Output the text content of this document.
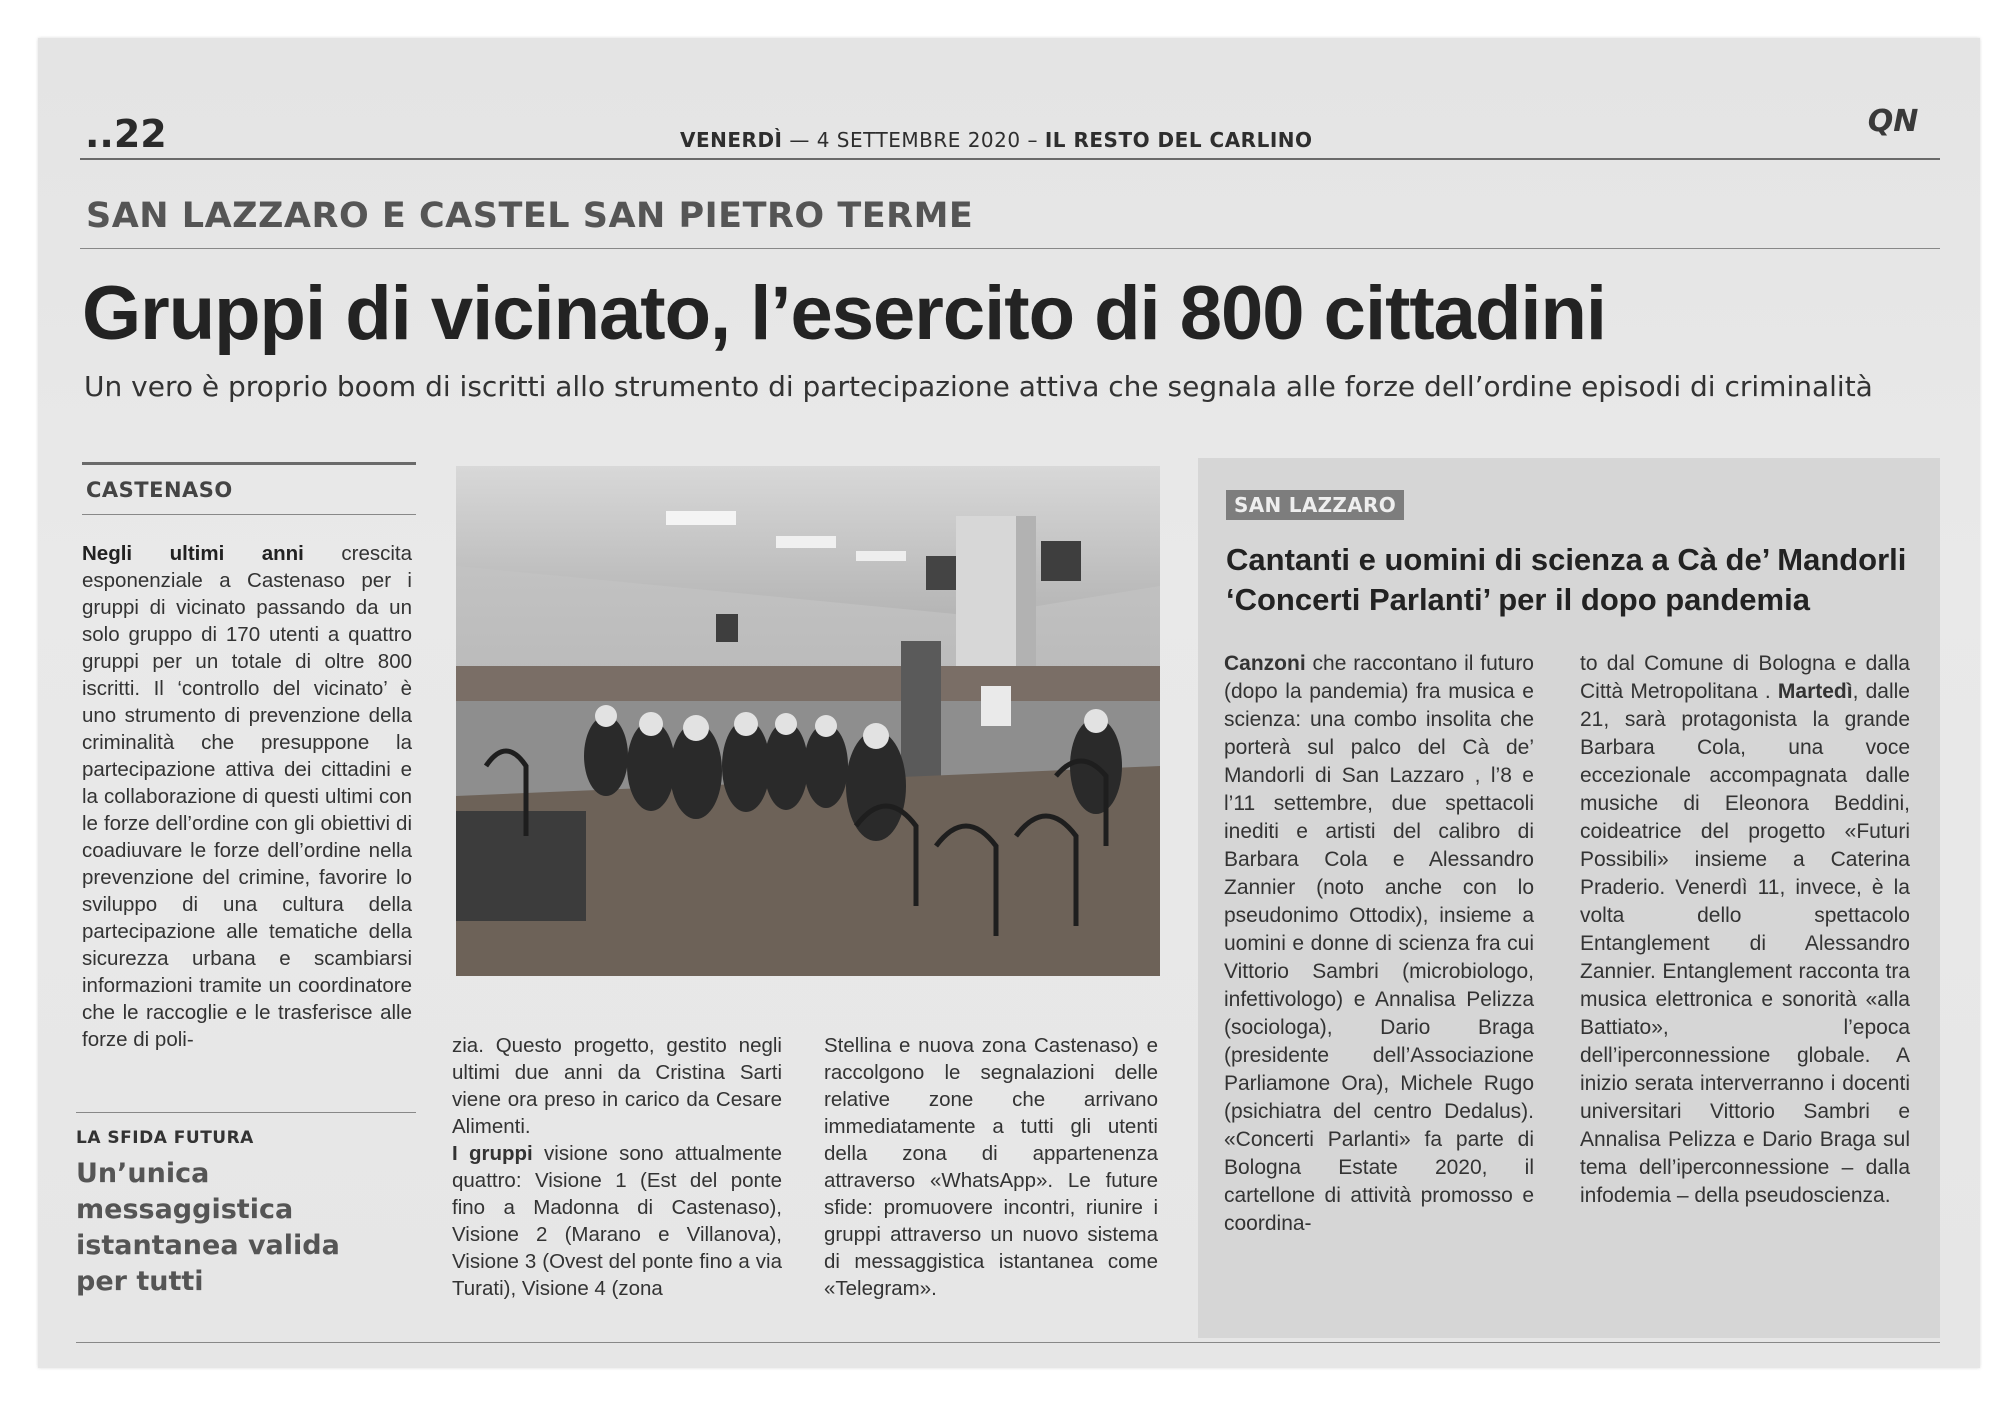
..22	VENERDÌ — 4 SETTEMBRE 2020 – IL RESTO DEL CARLINO
QN
SAN LAZZARO E CASTEL SAN PIETRO TERME
Gruppi di vicinato, l’esercito di 800 cittadini
Un vero è proprio boom di iscritti allo strumento di partecipazione attiva che segnala alle forze dell’ordine episodi di criminalità
CASTENASO
Negli ultimi anni crescita esponenziale a Castenaso per i gruppi di vicinato passando da un solo gruppo di 170 utenti a quattro gruppi per un totale di oltre 800 iscritti. Il ‘controllo del vicinato’ è uno strumento di prevenzione della criminalità che presuppone la partecipazione attiva dei cittadini e la collaborazione di questi ultimi con le forze dell’ordine con gli obiettivi di coadiuvare le forze dell’ordine nella prevenzione del crimine, favorire lo sviluppo di una cultura della partecipazione alle tematiche della sicurezza urbana e scambiarsi informazioni tramite un coordinatore che le raccoglie e le trasferisce alle forze di poli-
LA SFIDA FUTURA
Un’unica messaggistica istantanea valida per tutti
zia. Questo progetto, gestito negli ultimi due anni da Cristina Sarti viene ora preso in carico da Cesare Alimenti.
I gruppi visione sono attualmente quattro: Visione 1 (Est del ponte fino a Madonna di Castenaso), Visione 2 (Marano e Villanova), Visione 3 (Ovest del ponte fino a via Turati), Visione 4 (zona
Stellina e nuova zona Castenaso) e raccolgono le segnalazioni delle relative zone che arrivano immediatamente a tutti gli utenti della zona di appartenenza attraverso «WhatsApp». Le future sfide: promuovere incontri, riunire i gruppi attraverso un nuovo sistema di messaggistica istantanea come «Telegram».
SAN LAZZARO
Cantanti e uomini di scienza a Cà de’ Mandorli
‘Concerti Parlanti’ per il dopo pandemia
Canzoni che raccontano il futuro (dopo la pandemia) fra musica e scienza: una combo insolita che porterà sul palco del Cà de’ Mandorli di San Lazzaro , l’8 e l’11 settembre, due spettacoli inediti e artisti del calibro di Barbara Cola e Alessandro Zannier (noto anche con lo pseudonimo Ottodix), insieme a uomini e donne di scienza fra cui Vittorio Sambri (microbiologo, infettivologo) e Annalisa Pelizza (sociologa), Dario Braga (presidente dell’Associazione Parliamone Ora), Michele Rugo (psichiatra del centro Dedalus). «Concerti Parlanti» fa parte di Bologna Estate 2020, il cartellone di attività promosso e coordina-
to dal Comune di Bologna e dalla Città Metropolitana . Martedì, dalle 21, sarà protagonista la grande Barbara Cola, una voce eccezionale accompagnata dalle musiche di Eleonora Beddini, coideatrice del progetto «Futuri Possibili» insieme a Caterina Praderio. Venerdì 11, invece, è la volta dello spettacolo Entanglement di Alessandro Zannier. Entanglement racconta tra musica elettronica e sonorità «alla Battiato», l’epoca dell’iperconnessione globale. A inizio serata interverranno i docenti universitari Vittorio Sambri e Annalisa Pelizza e Dario Braga sul tema dell’iperconnessione – dalla infodemia – della pseudoscienza.
